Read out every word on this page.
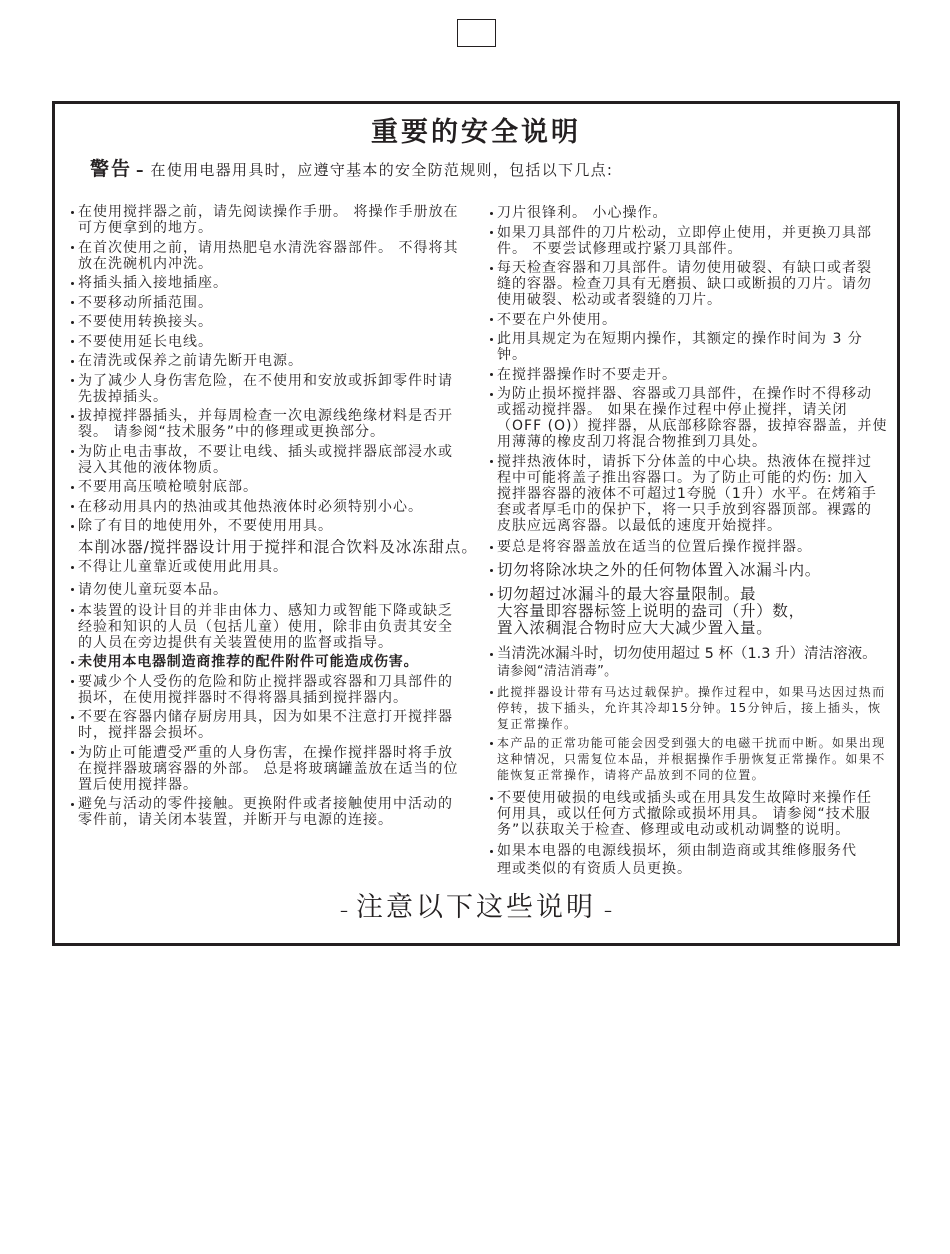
重要的安全说明
警告 – 在使用电器用具时，应遵守基本的安全防范规则，包括以下几点:
在使用搅拌器之前，请先阅读操作手册。 将操作手册放在
可方便拿到的地方。
在首次使用之前，请用热肥皂水清洗容器部件。 不得将其
放在洗碗机内冲洗。
将插头插入接地插座。
不要移动所插范围。
不要使用转换接头。
不要使用延长电线。
在清洗或保养之前请先断开电源。
为了减少人身伤害危险，在不使用和安放或拆卸零件时请
先拔掉插头。
拔掉搅拌器插头，并每周检查一次电源线绝缘材料是否开
裂。 请参阅“技术服务”中的修理或更换部分。
为防止电击事故，不要让电线、插头或搅拌器底部浸水或
浸入其他的液体物质。
不要用高压喷枪喷射底部。
在移动用具内的热油或其他热液体时必须特别小心。
除了有目的地使用外，不要使用用具。
本削冰器/搅拌器设计用于搅拌和混合饮料及冰冻甜点。
不得让儿童靠近或使用此用具。
请勿使儿童玩耍本品。
本装置的设计目的并非由体力、感知力或智能下降或缺乏
经验和知识的人员（包括儿童）使用，除非由负责其安全
的人员在旁边提供有关装置使用的监督或指导。
未使用本电器制造商推荐的配件附件可能造成伤害。
要减少个人受伤的危险和防止搅拌器或容器和刀具部件的
损坏，在使用搅拌器时不得将器具插到搅拌器内。
不要在容器内储存厨房用具，因为如果不注意打开搅拌器
时，搅拌器会损坏。
为防止可能遭受严重的人身伤害，在操作搅拌器时将手放
在搅拌器玻璃容器的外部。 总是将玻璃罐盖放在适当的位
置后使用搅拌器。
避免与活动的零件接触。更换附件或者接触使用中活动的
零件前，请关闭本装置，并断开与电源的连接。
刀片很锋利。 小心操作。
如果刀具部件的刀片松动，立即停止使用，并更换刀具部
件。 不要尝试修理或拧紧刀具部件。
每天检查容器和刀具部件。请勿使用破裂、有缺口或者裂
缝的容器。检查刀具有无磨损、缺口或断损的刀片。请勿
使用破裂、松动或者裂缝的刀片。
不要在户外使用。
此用具规定为在短期内操作，其额定的操作时间为 3 分
钟。
在搅拌器操作时不要走开。
为防止损坏搅拌器、容器或刀具部件，在操作时不得移动
或摇动搅拌器。 如果在操作过程中停止搅拌，请关闭
（OFF (O)）搅拌器，从底部移除容器，拔掉容器盖，并使
用薄薄的橡皮刮刀将混合物推到刀具处。
搅拌热液体时，请拆下分体盖的中心块。热液体在搅拌过
程中可能将盖子推出容器口。为了防止可能的灼伤: 加入
搅拌器容器的液体不可超过1夸脱（1升）水平。在烤箱手
套或者厚毛巾的保护下，将一只手放到容器顶部。裸露的
皮肤应远离容器。以最低的速度开始搅拌。
要总是将容器盖放在适当的位置后操作搅拌器。
切勿将除冰块之外的任何物体置入冰漏斗内。
切勿超过冰漏斗的最大容量限制。最
大容量即容器标签上说明的盎司（升）数，
置入浓稠混合物时应大大减少置入量。
当清洗冰漏斗时，切勿使用超过 5 杯（1.3 升）清洁溶液。
请参阅“清洁消毒”。
此搅拌器设计带有马达过载保护。操作过程中，如果马达因过热而
停转，拔下插头，允许其冷却15分钟。15分钟后，接上插头，恢
复正常操作。
本产品的正常功能可能会因受到强大的电磁干扰而中断。如果出现
这种情况，只需复位本品，并根据操作手册恢复正常操作。如果不
能恢复正常操作，请将产品放到不同的位置。
不要使用破损的电线或插头或在用具发生故障时来操作任
何用具，或以任何方式撤除或损坏用具。 请参阅“技术服
务”以获取关于检查、修理或电动或机动调整的说明。
如果本电器的电源线损坏，须由制造商或其维修服务代
理或类似的有资质人员更换。
– 注意以下这些说明 –
